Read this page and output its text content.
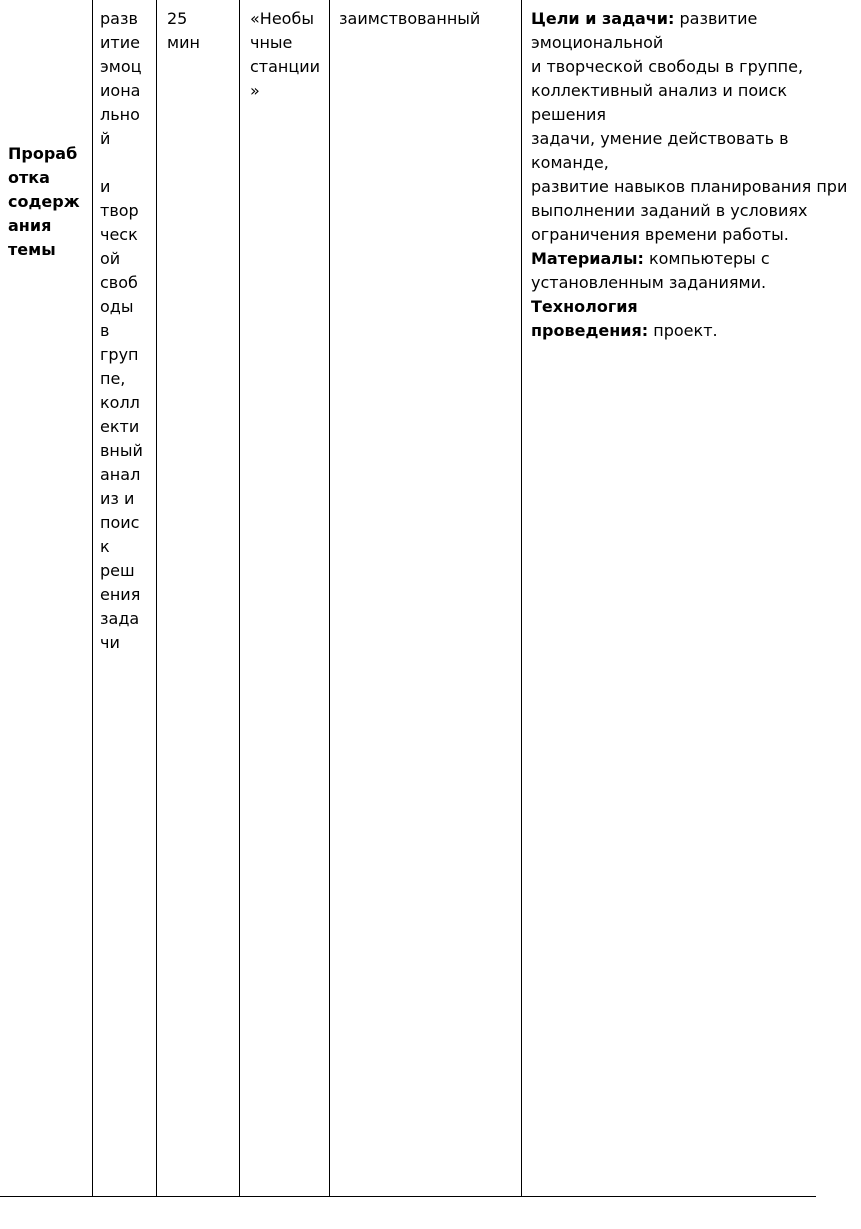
Прораб
отка
содерж
ания
темы
разв
итие
эмоц
иона
льно
й

и
твор
ческ
ой
своб
оды
в
груп
пе,
колл
екти
вный
анал
из и
поис
к
реш
ения
зада
чи
25
мин
«Необы
чные
станции
»
заимствованный	Цели и задачи: развитие эмоциональной
и творческой свободы в группе,
коллективный анализ и поиск решения
задачи, умение действовать в команде,
развитие навыков планирования при
выполнении заданий в условиях
ограничения времени работы.
Материалы: компьютеры с
установленным заданиями. Технология
проведения: проект.
